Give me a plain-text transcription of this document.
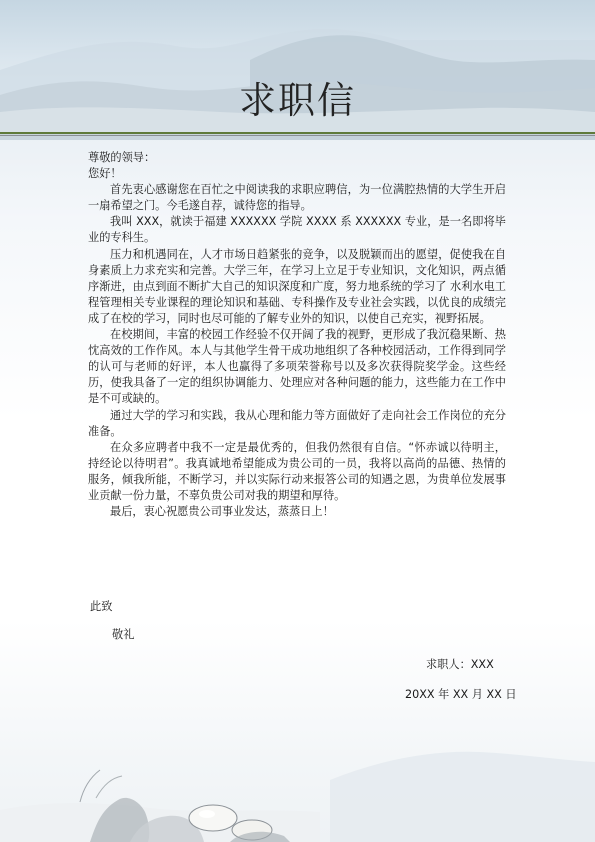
求职信

尊敬的领导：

您好！

首先衷心感谢您在百忙之中阅读我的求职应聘信，为一位满腔热情的大学生开启一扇希望之门。今毛遂自荐，诚待您的指导。

我叫 XXX，就读于福建 XXXXXX 学院 XXXX 系 XXXXXX 专业，是一名即将毕业的专科生。

压力和机遇同在，人才市场日趋紧张的竞争，以及脱颖而出的愿望，促使我在自身素质上力求充实和完善。大学三年，在学习上立足于专业知识，文化知识，两点循序渐进，由点到面不断扩大自己的知识深度和广度，努力地系统的学习了 水利水电工程管理相关专业课程的理论知识和基础、专科操作及专业社会实践，以优良的成绩完成了在校的学习，同时也尽可能的了解专业外的知识，以使自己充实，视野拓展。

在校期间，丰富的校园工作经验不仅开阔了我的视野，更形成了我沉稳果断、热忱高效的工作作风。本人与其他学生骨干成功地组织了各种校园活动，工作得到同学的认可与老师的好评，本人也赢得了多项荣誉称号以及多次获得院奖学金。这些经历，使我具备了一定的组织协调能力、处理应对各种问题的能力，这些能力在工作中是不可或缺的。

通过大学的学习和实践，我从心理和能力等方面做好了走向社会工作岗位的充分准备。

在众多应聘者中我不一定是最优秀的，但我仍然很有自信。“怀赤诚以待明主，持经论以待明君”。我真诚地希望能成为贵公司的一员，我将以高尚的品德、热情的服务，倾我所能，不断学习，并以实际行动来报答公司的知遇之恩，为贵单位发展事业贡献一份力量，不辜负贵公司对我的期望和厚待。

最后，衷心祝愿贵公司事业发达，蒸蒸日上！

此致
敬礼
求职人：XXX
20XX 年 XX 月 XX 日
